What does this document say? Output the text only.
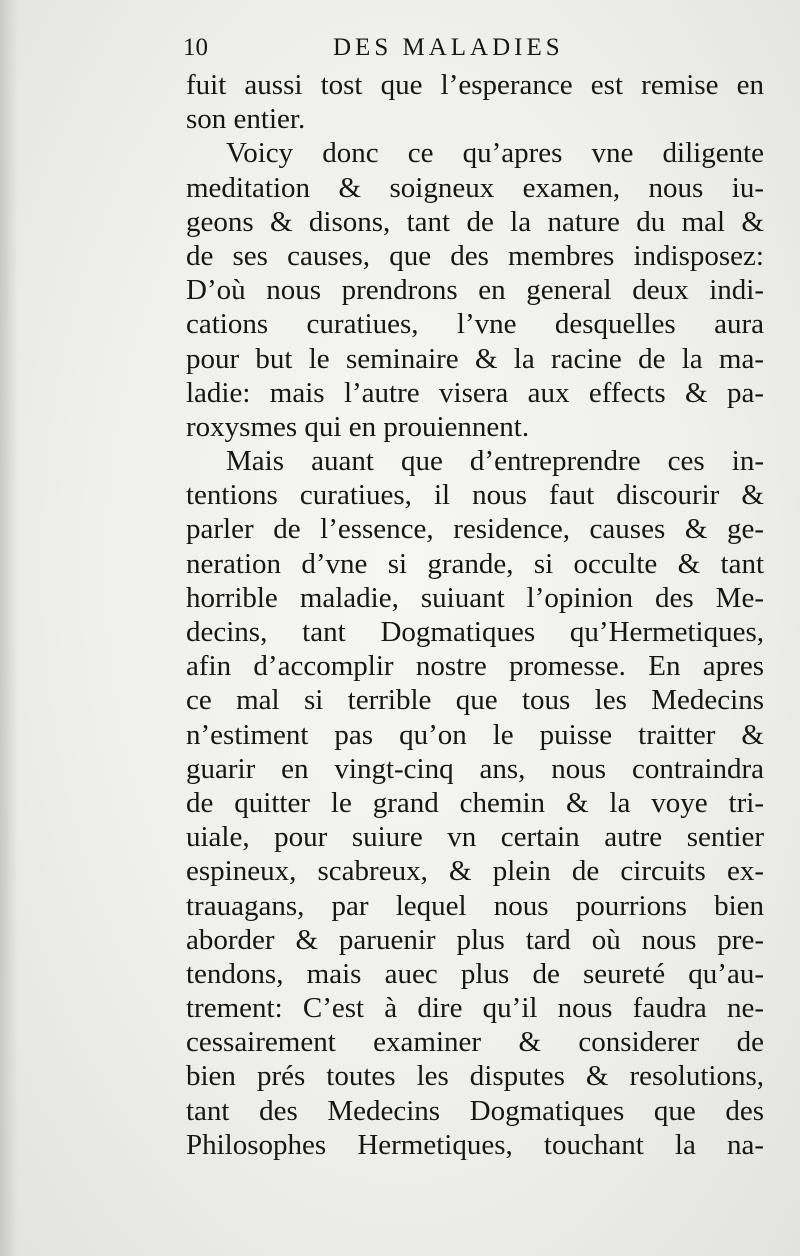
10	DES MALADIES
fuit aussi tost que l’esperance est remise en
son entier.
Voicy donc ce qu’apres vne diligente
meditation & soigneux examen, nous iu-
geons & disons, tant de la nature du mal &
de ses causes, que des membres indisposez:
D’où nous prendrons en general deux indi-
cations curatiues, l’vne desquelles aura
pour but le seminaire & la racine de la ma-
ladie: mais l’autre visera aux effects & pa-
roxysmes qui en prouiennent.
Mais auant que d’entreprendre ces in-
tentions curatiues, il nous faut discourir &
parler de l’essence, residence, causes & ge-
neration d’vne si grande, si occulte & tant
horrible maladie, suiuant l’opinion des Me-
decins, tant Dogmatiques qu’Hermetiques,
afin d’accomplir nostre promesse. En apres
ce mal si terrible que tous les Medecins
n’estiment pas qu’on le puisse traitter &
guarir en vingt-cinq ans, nous contraindra
de quitter le grand chemin & la voye tri-
uiale, pour suiure vn certain autre sentier
espineux, scabreux, & plein de circuits ex-
trauagans, par lequel nous pourrions bien
aborder & paruenir plus tard où nous pre-
tendons, mais auec plus de seureté qu’au-
trement: C’est à dire qu’il nous faudra ne-
cessairement examiner & considerer de
bien prés toutes les disputes & resolutions,
tant des Medecins Dogmatiques que des
Philosophes Hermetiques, touchant la na-
